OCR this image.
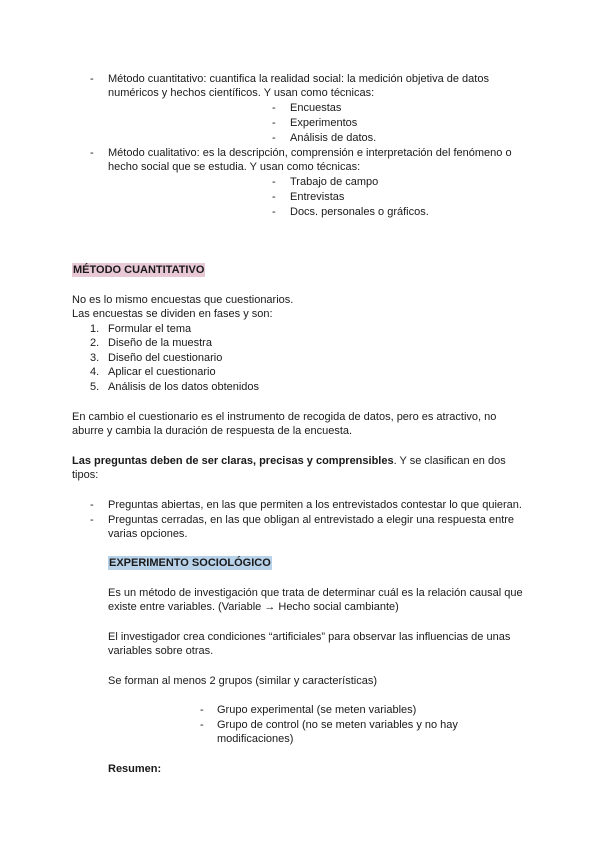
- Método cuantitativo: cuantifica la realidad social: la medición objetiva de datos
numéricos y hechos científicos. Y usan como técnicas:
- Encuestas
- Experimentos
- Análisis de datos.
- Método cualitativo: es la descripción, comprensión e interpretación del fenómeno o
hecho social que se estudia. Y usan como técnicas:
- Trabajo de campo
- Entrevistas
- Docs. personales o gráficos.
MÉTODO CUANTITATIVO
No es lo mismo encuestas que cuestionarios.
Las encuestas se dividen en fases y son:
1. Formular el tema
2. Diseño de la muestra
3. Diseño del cuestionario
4. Aplicar el cuestionario
5. Análisis de los datos obtenidos
En cambio el cuestionario es el instrumento de recogida de datos, pero es atractivo, no
aburre y cambia la duración de respuesta de la encuesta.
Las preguntas deben de ser claras, precisas y comprensibles. Y se clasifican en dos
tipos:
- Preguntas abiertas, en las que permiten a los entrevistados contestar lo que quieran.
- Preguntas cerradas, en las que obligan al entrevistado a elegir una respuesta entre
varias opciones.
EXPERIMENTO SOCIOLÓGICO
Es un método de investigación que trata de determinar cuál es la relación causal que
existe entre variables. (Variable → Hecho social cambiante)
El investigador crea condiciones “artificiales” para observar las influencias de unas
variables sobre otras.
Se forman al menos 2 grupos (similar y características)
- Grupo experimental (se meten variables)
- Grupo de control (no se meten variables y no hay
modificaciones)
Resumen:
